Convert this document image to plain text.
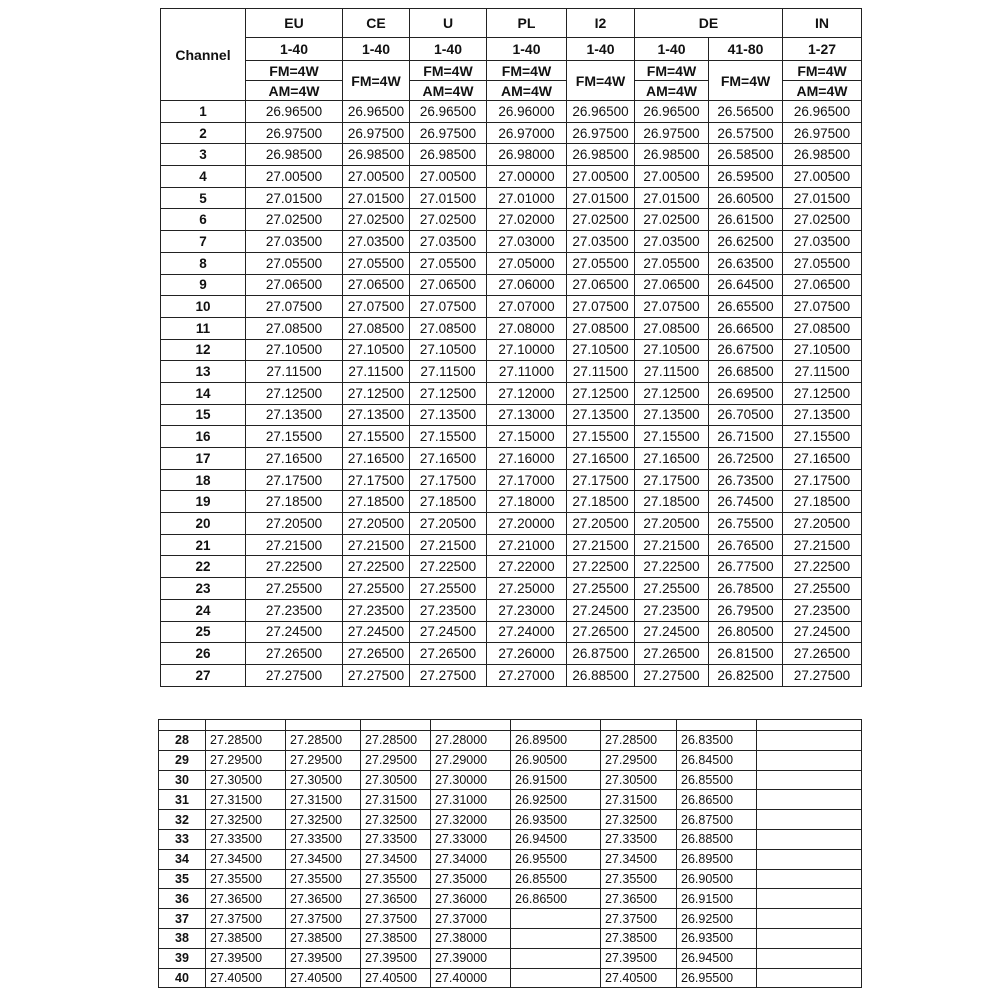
Channel	EU	CE	U	PL	I2	DE		IN
	1-40	1-40	1-40	1-40	1-40	1-40	41-80	1-27
	FM=4W	FM=4W	FM=4W	FM=4W	FM=4W	FM=4W	FM=4W	FM=4W
	AM=4W		AM=4W	AM=4W		AM=4W		AM=4W
1	26.96500	26.96500	26.96500	26.96000	26.96500	26.96500	26.56500	26.96500
2	26.97500	26.97500	26.97500	26.97000	26.97500	26.97500	26.57500	26.97500
3	26.98500	26.98500	26.98500	26.98000	26.98500	26.98500	26.58500	26.98500
4	27.00500	27.00500	27.00500	27.00000	27.00500	27.00500	26.59500	27.00500
5	27.01500	27.01500	27.01500	27.01000	27.01500	27.01500	26.60500	27.01500
6	27.02500	27.02500	27.02500	27.02000	27.02500	27.02500	26.61500	27.02500
7	27.03500	27.03500	27.03500	27.03000	27.03500	27.03500	26.62500	27.03500
8	27.05500	27.05500	27.05500	27.05000	27.05500	27.05500	26.63500	27.05500
9	27.06500	27.06500	27.06500	27.06000	27.06500	27.06500	26.64500	27.06500
10	27.07500	27.07500	27.07500	27.07000	27.07500	27.07500	26.65500	27.07500
11	27.08500	27.08500	27.08500	27.08000	27.08500	27.08500	26.66500	27.08500
12	27.10500	27.10500	27.10500	27.10000	27.10500	27.10500	26.67500	27.10500
13	27.11500	27.11500	27.11500	27.11000	27.11500	27.11500	26.68500	27.11500
14	27.12500	27.12500	27.12500	27.12000	27.12500	27.12500	26.69500	27.12500
15	27.13500	27.13500	27.13500	27.13000	27.13500	27.13500	26.70500	27.13500
16	27.15500	27.15500	27.15500	27.15000	27.15500	27.15500	26.71500	27.15500
17	27.16500	27.16500	27.16500	27.16000	27.16500	27.16500	26.72500	27.16500
18	27.17500	27.17500	27.17500	27.17000	27.17500	27.17500	26.73500	27.17500
19	27.18500	27.18500	27.18500	27.18000	27.18500	27.18500	26.74500	27.18500
20	27.20500	27.20500	27.20500	27.20000	27.20500	27.20500	26.75500	27.20500
21	27.21500	27.21500	27.21500	27.21000	27.21500	27.21500	26.76500	27.21500
22	27.22500	27.22500	27.22500	27.22000	27.22500	27.22500	26.77500	27.22500
23	27.25500	27.25500	27.25500	27.25000	27.25500	27.25500	26.78500	27.25500
24	27.23500	27.23500	27.23500	27.23000	27.24500	27.23500	26.79500	27.23500
25	27.24500	27.24500	27.24500	27.24000	27.26500	27.24500	26.80500	27.24500
26	27.26500	27.26500	27.26500	27.26000	26.87500	27.26500	26.81500	27.26500
27	27.27500	27.27500	27.27500	27.27000	26.88500	27.27500	26.82500	27.27500

28	27.28500	27.28500	27.28500	27.28000	26.89500	27.28500	26.83500	
29	27.29500	27.29500	27.29500	27.29000	26.90500	27.29500	26.84500	
30	27.30500	27.30500	27.30500	27.30000	26.91500	27.30500	26.85500	
31	27.31500	27.31500	27.31500	27.31000	26.92500	27.31500	26.86500	
32	27.32500	27.32500	27.32500	27.32000	26.93500	27.32500	26.87500	
33	27.33500	27.33500	27.33500	27.33000	26.94500	27.33500	26.88500	
34	27.34500	27.34500	27.34500	27.34000	26.95500	27.34500	26.89500	
35	27.35500	27.35500	27.35500	27.35000	26.85500	27.35500	26.90500	
36	27.36500	27.36500	27.36500	27.36000	26.86500	27.36500	26.91500	
37	27.37500	27.37500	27.37500	27.37000		27.37500	26.92500	
38	27.38500	27.38500	27.38500	27.38000		27.38500	26.93500	
39	27.39500	27.39500	27.39500	27.39000		27.39500	26.94500	
40	27.40500	27.40500	27.40500	27.40000		27.40500	26.95500	
